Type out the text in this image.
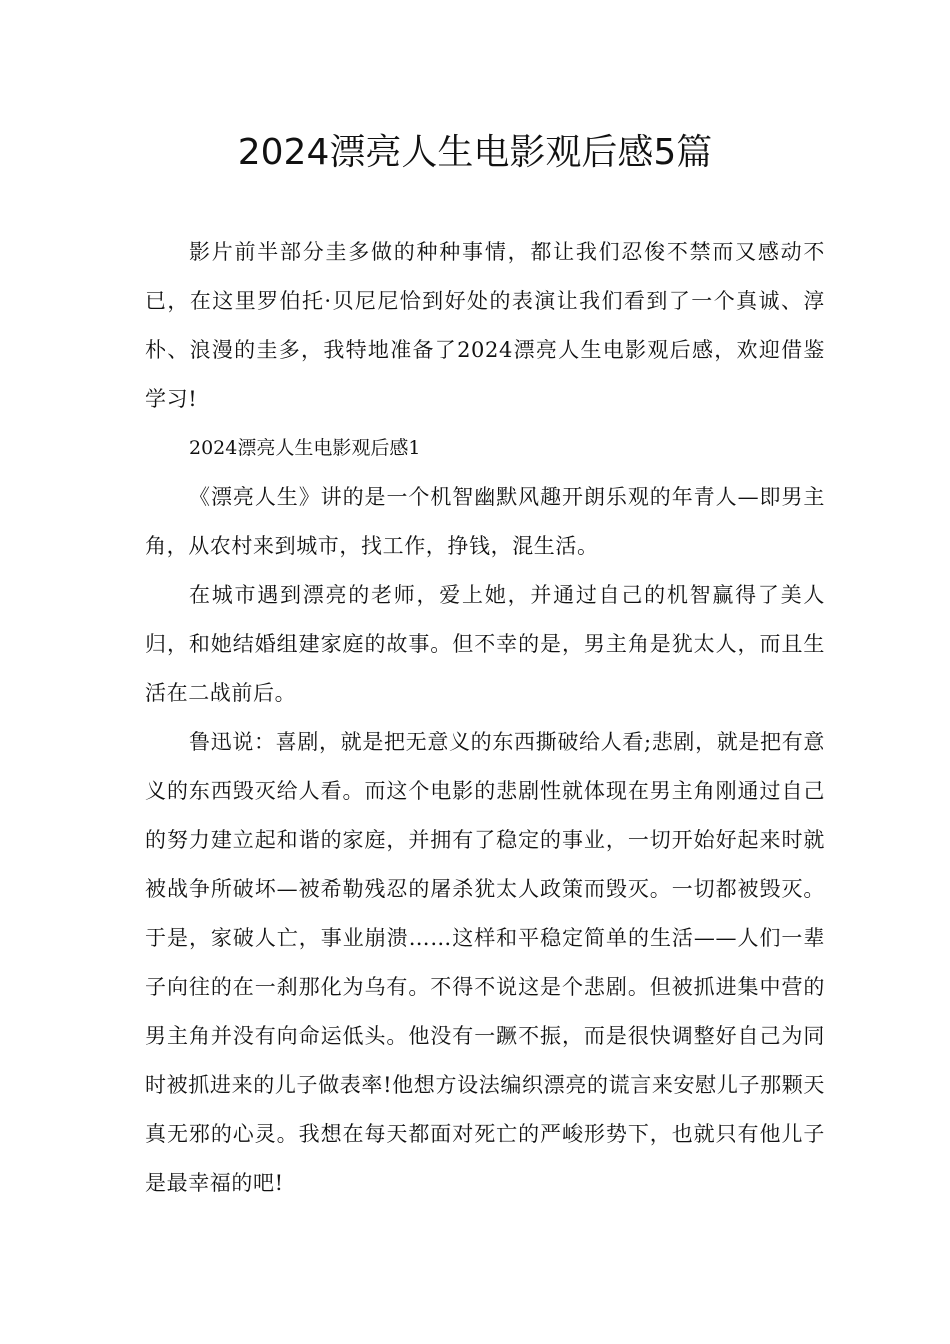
2024漂亮人生电影观后感5篇

影片前半部分圭多做的种种事情，都让我们忍俊不禁而又感动不已，在这里罗伯托·贝尼尼恰到好处的表演让我们看到了一个真诚、淳朴、浪漫的圭多，我特地准备了2024漂亮人生电影观后感，欢迎借鉴学习!

2024漂亮人生电影观后感1

《漂亮人生》讲的是一个机智幽默风趣开朗乐观的年青人—即男主角，从农村来到城市，找工作，挣钱，混生活。

在城市遇到漂亮的老师，爱上她，并通过自己的机智赢得了美人归，和她结婚组建家庭的故事。但不幸的是，男主角是犹太人，而且生活在二战前后。

鲁迅说：喜剧，就是把无意义的东西撕破给人看;悲剧，就是把有意义的东西毁灭给人看。而这个电影的悲剧性就体现在男主角刚通过自己的努力建立起和谐的家庭，并拥有了稳定的事业，一切开始好起来时就被战争所破坏—被希勒残忍的屠杀犹太人政策而毁灭。一切都被毁灭。于是，家破人亡，事业崩溃……这样和平稳定简单的生活——人们一辈子向往的在一刹那化为乌有。不得不说这是个悲剧。但被抓进集中营的男主角并没有向命运低头。他没有一蹶不振，而是很快调整好自己为同时被抓进来的儿子做表率!他想方设法编织漂亮的谎言来安慰儿子那颗天真无邪的心灵。我想在每天都面对死亡的严峻形势下，也就只有他儿子是最幸福的吧!
